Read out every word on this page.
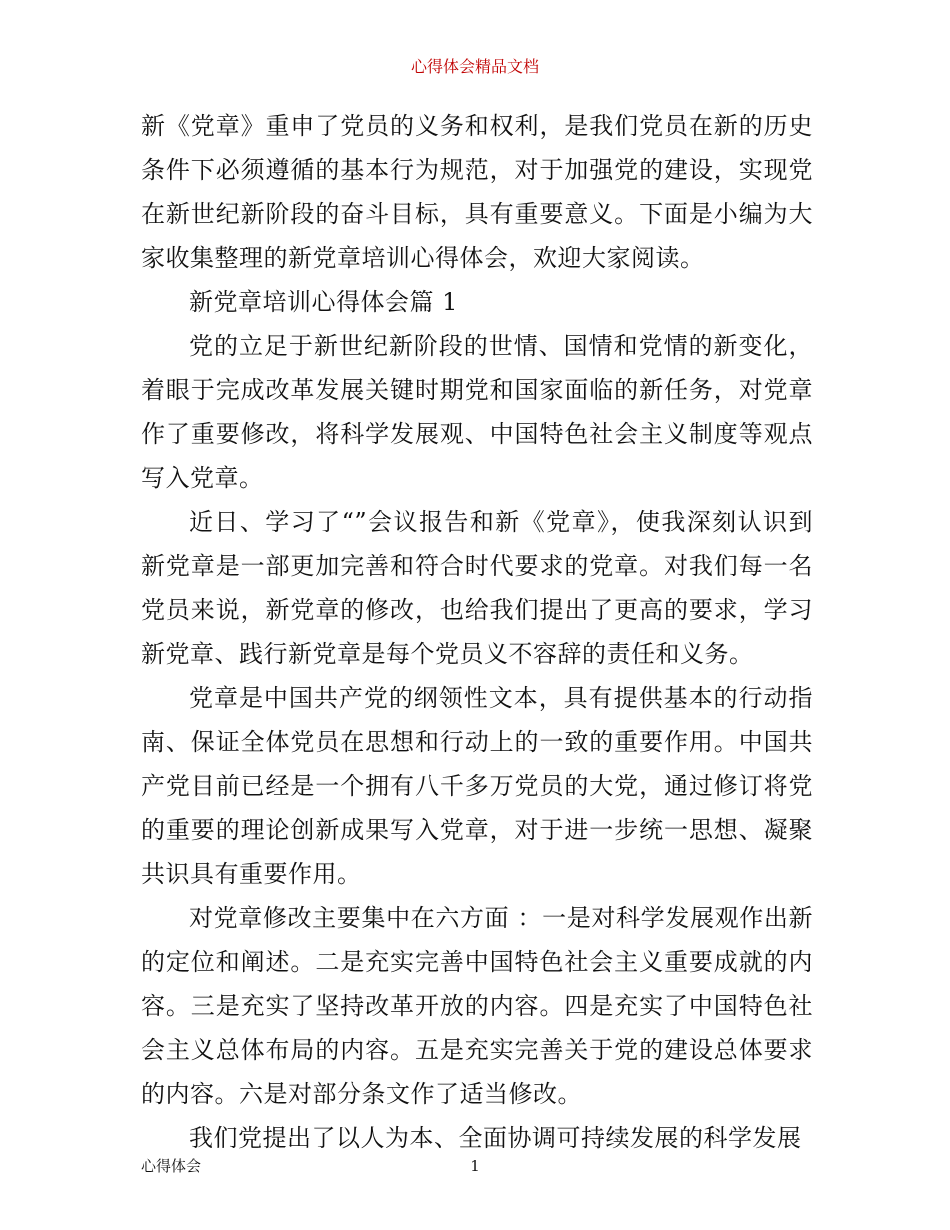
心得体会精品文档

新《党章》重申了党员的义务和权利，是我们党员在新的历史条件下必须遵循的基本行为规范，对于加强党的建设，实现党在新世纪新阶段的奋斗目标，具有重要意义。下面是小编为大家收集整理的新党章培训心得体会，欢迎大家阅读。

新党章培训心得体会篇 1

党的立足于新世纪新阶段的世情、国情和党情的新变化，着眼于完成改革发展关键时期党和国家面临的新任务，对党章作了重要修改，将科学发展观、中国特色社会主义制度等观点写入党章。

近日、学习了“”会议报告和新《党章》，使我深刻认识到新党章是一部更加完善和符合时代要求的党章。对我们每一名党员来说，新党章的修改，也给我们提出了更高的要求，学习新党章、践行新党章是每个党员义不容辞的责任和义务。

党章是中国共产党的纲领性文本，具有提供基本的行动指南、保证全体党员在思想和行动上的一致的重要作用。中国共产党目前已经是一个拥有八千多万党员的大党，通过修订将党的重要的理论创新成果写入党章，对于进一步统一思想、凝聚共识具有重要作用。

对党章修改主要集中在六方面 ：一是对科学发展观作出新的定位和阐述。二是充实完善中国特色社会主义重要成就的内容。三是充实了坚持改革开放的内容。四是充实了中国特色社会主义总体布局的内容。五是充实完善关于党的建设总体要求的内容。六是对部分条文作了适当修改。

我们党提出了以人为本、全面协调可持续发展的科学发展

心得体会	1
